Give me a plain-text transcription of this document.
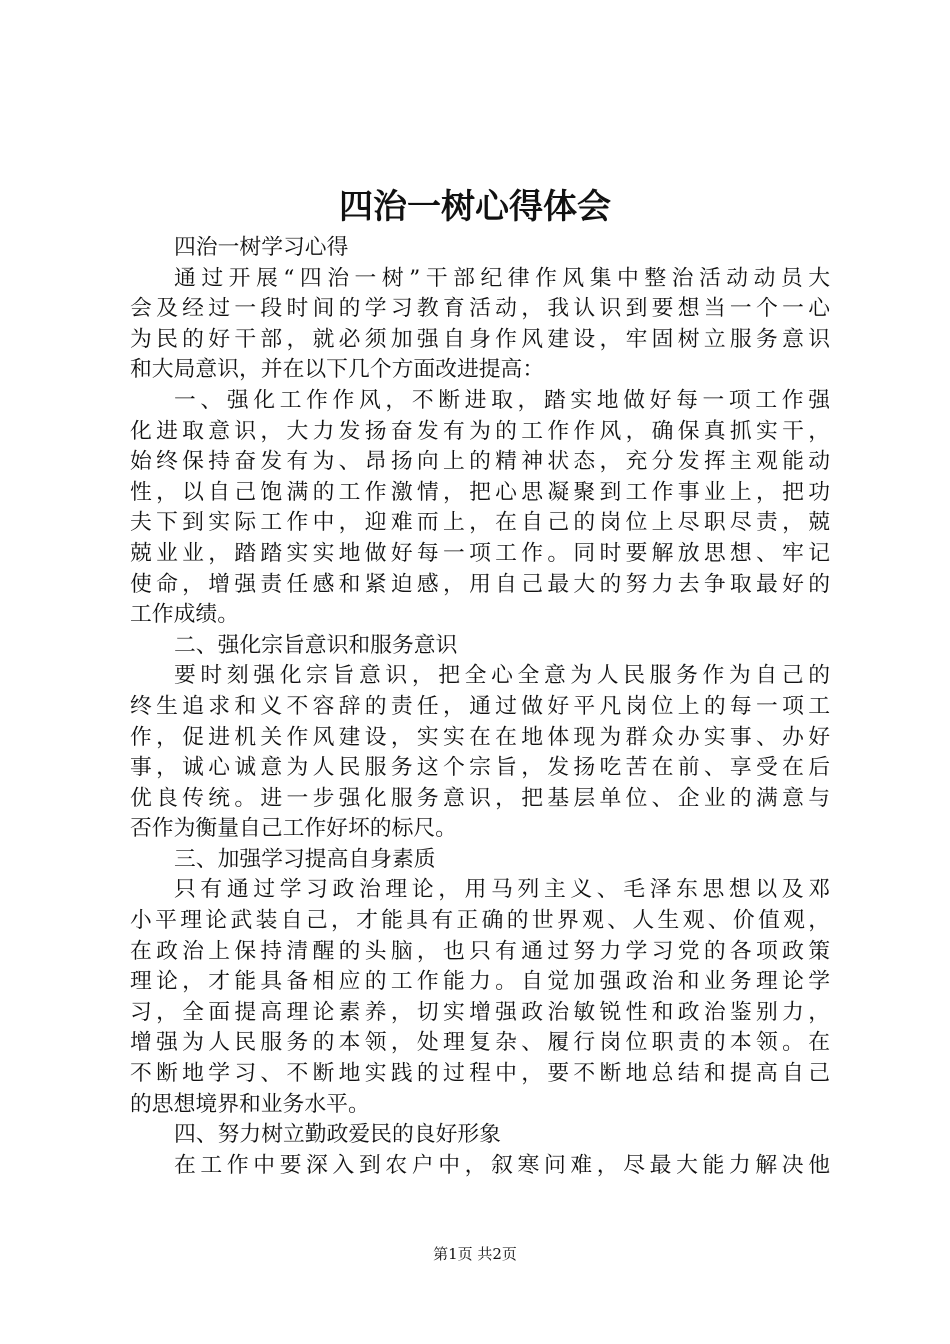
四治一树心得体会
四治一树学习心得
通过开展“四治一树”干部纪律作风集中整治活动动员大
会及经过一段时间的学习教育活动，我认识到要想当一个一心
为民的好干部，就必须加强自身作风建设，牢固树立服务意识
和大局意识，并在以下几个方面改进提高：
一、强化工作作风，不断进取，踏实地做好每一项工作强
化进取意识，大力发扬奋发有为的工作作风，确保真抓实干，
始终保持奋发有为、昂扬向上的精神状态，充分发挥主观能动
性，以自己饱满的工作激情，把心思凝聚到工作事业上，把功
夫下到实际工作中，迎难而上，在自己的岗位上尽职尽责，兢
兢业业，踏踏实实地做好每一项工作。同时要解放思想、牢记
使命，增强责任感和紧迫感，用自己最大的努力去争取最好的
工作成绩。
二、强化宗旨意识和服务意识
要时刻强化宗旨意识，把全心全意为人民服务作为自己的
终生追求和义不容辞的责任，通过做好平凡岗位上的每一项工
作，促进机关作风建设，实实在在地体现为群众办实事、办好
事，诚心诚意为人民服务这个宗旨，发扬吃苦在前、享受在后
优良传统。进一步强化服务意识，把基层单位、企业的满意与
否作为衡量自己工作好坏的标尺。
三、加强学习提高自身素质
只有通过学习政治理论，用马列主义、毛泽东思想以及邓
小平理论武装自己，才能具有正确的世界观、人生观、价值观，
在政治上保持清醒的头脑，也只有通过努力学习党的各项政策
理论，才能具备相应的工作能力。自觉加强政治和业务理论学
习，全面提高理论素养，切实增强政治敏锐性和政治鉴别力，
增强为人民服务的本领，处理复杂、履行岗位职责的本领。在
不断地学习、不断地实践的过程中，要不断地总结和提高自己
的思想境界和业务水平。
四、努力树立勤政爱民的良好形象
在工作中要深入到农户中，叙寒问难，尽最大能力解决他
第1页 共2页
